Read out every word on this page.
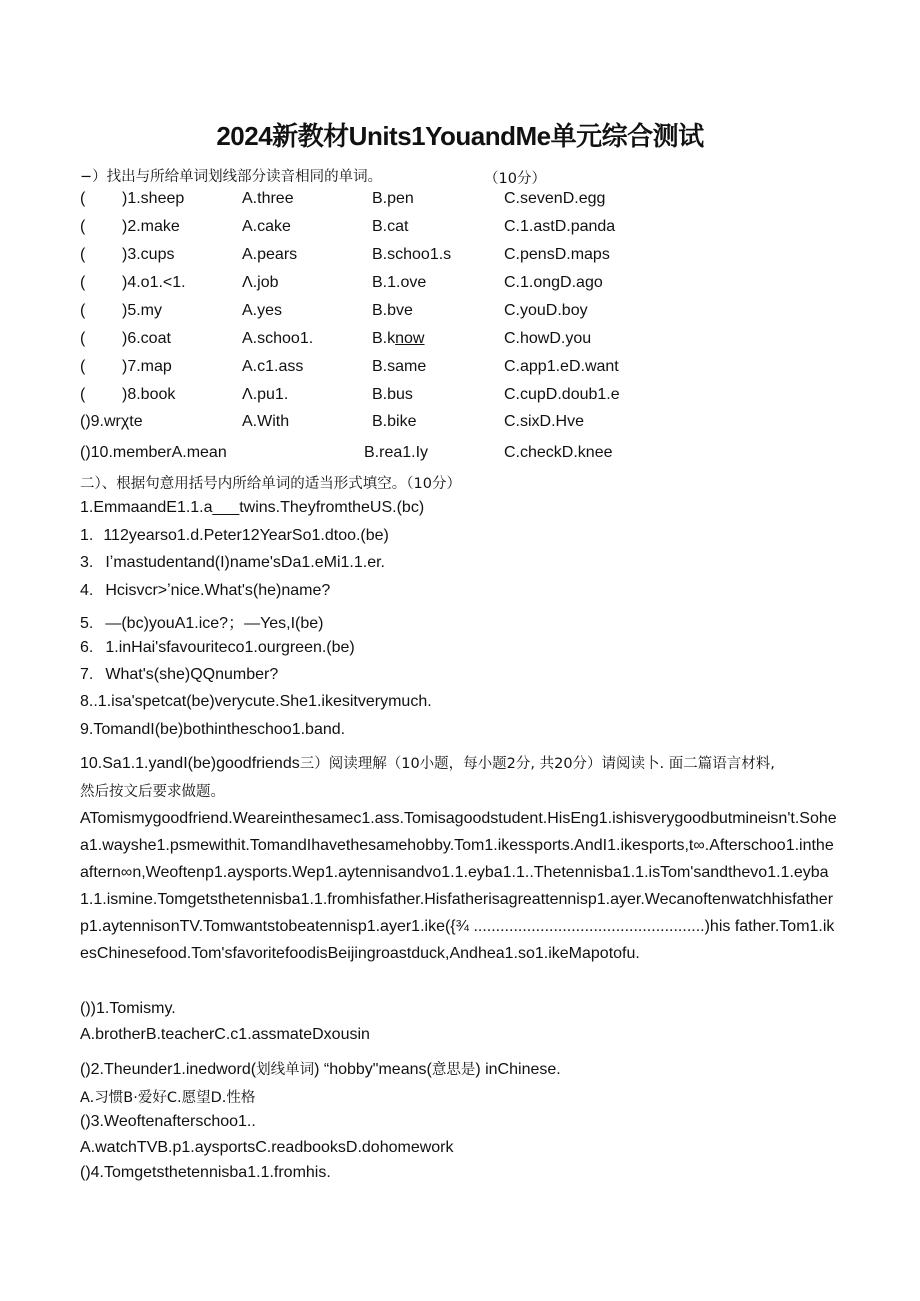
2024新教材Units1YouandMe单元综合测试
−）找出与所给单词划线部分读音相同的单词。	（10分）
( )1.sheep	A.three	B.pen	C.sevenD.egg
( )2.make	A.cake	B.cat	C.1.astD.panda
( )3.cups	A.pears	B.schoo1.s	C.pensD.maps
( )4.o1.<1.	Λ.job	B.1.ove	C.1.ongD.ago
( )5.my	A.yes	B.bve	C.youD.boy
( )6.coat	A.schoo1.	B.know	C.howD.you
( )7.map	A.c1.ass	B.same	C.app1.eD.want
( )8.book	Λ.pu1.	B.bus	C.cupD.doub1.e
()9.wrχte	A.With	B.bike	C.sixD.Hve
()10.memberA.mean	B.rea1.Iy	C.checkD.knee
二）、根据句意用括号内所给单词的适当形式填空。（10分）
1.EmmaandE1.1.a___twins.TheyfromtheUS.(bc)
1. 112yearso1.d.Peter12YearSo1.dtoo.(be)
3. Iʼmastudentand(I)name'sDa1.eMi1.1.er.
4. Hcisvcr>ʼnice.What's(he)name?
5. —(bc)youA1.ice?；—Yes,I(be)
6. 1.inHai'sfavouriteco1.ourgreen.(be)
7. What's(she)QQnumber?
8..1.isa'spetcat(be)verycute.She1.ikesitverymuch.
9.TomandI(be)bothintheschoo1.band.
10.Sa1.1.yandI(be)goodfriends三）阅读理解（10小题，每小题2分, 共20分）请阅读卜. 面二篇语言材料,
然后按文后要求做题。
ATomismygoodfriend.Weareinthesamec1.ass.Tomisagoodstudent.HisEng1.ishisverygoodbutmineisn't.Sohea1.wayshe1.psmewithit.TomandIhavethesamehobby.Tom1.ikessports.AndI1.ikesports,t∞.Afterschoo1.intheaftern∞n,Weoftenp1.aysports.Wep1.aytennisandvo1.1.eyba1.1..Thetennisba1.1.isTom'sandthevo1.1.eyba1.1.ismine.Tomgetsthetennisba1.1.fromhisfather.Hisfatherisagreattennisp1.ayer.Wecanoftenwatchhisfatherp1.aytennisonTV.Tomwantstobeatennisp1.ayer1.ike({¾ ....................................................)his father.Tom1.ikesChinesefood.Tom'sfavoritefoodisBeijingroastduck,Andhea1.so1.ikeMapotofu.
())1.Tomismy.
A.brotherB.teacherC.c1.assmateDxousin
()2.Theunder1.inedword(划线单词) “hobby"means(意思是) inChinese.
A.习惯B·爱好C.愿望D.性格
()3.Weoftenafterschoo1..
A.watchTVB.p1.aysportsC.readbooksD.dohomework
()4.Tomgetsthetennisba1.1.fromhis.
